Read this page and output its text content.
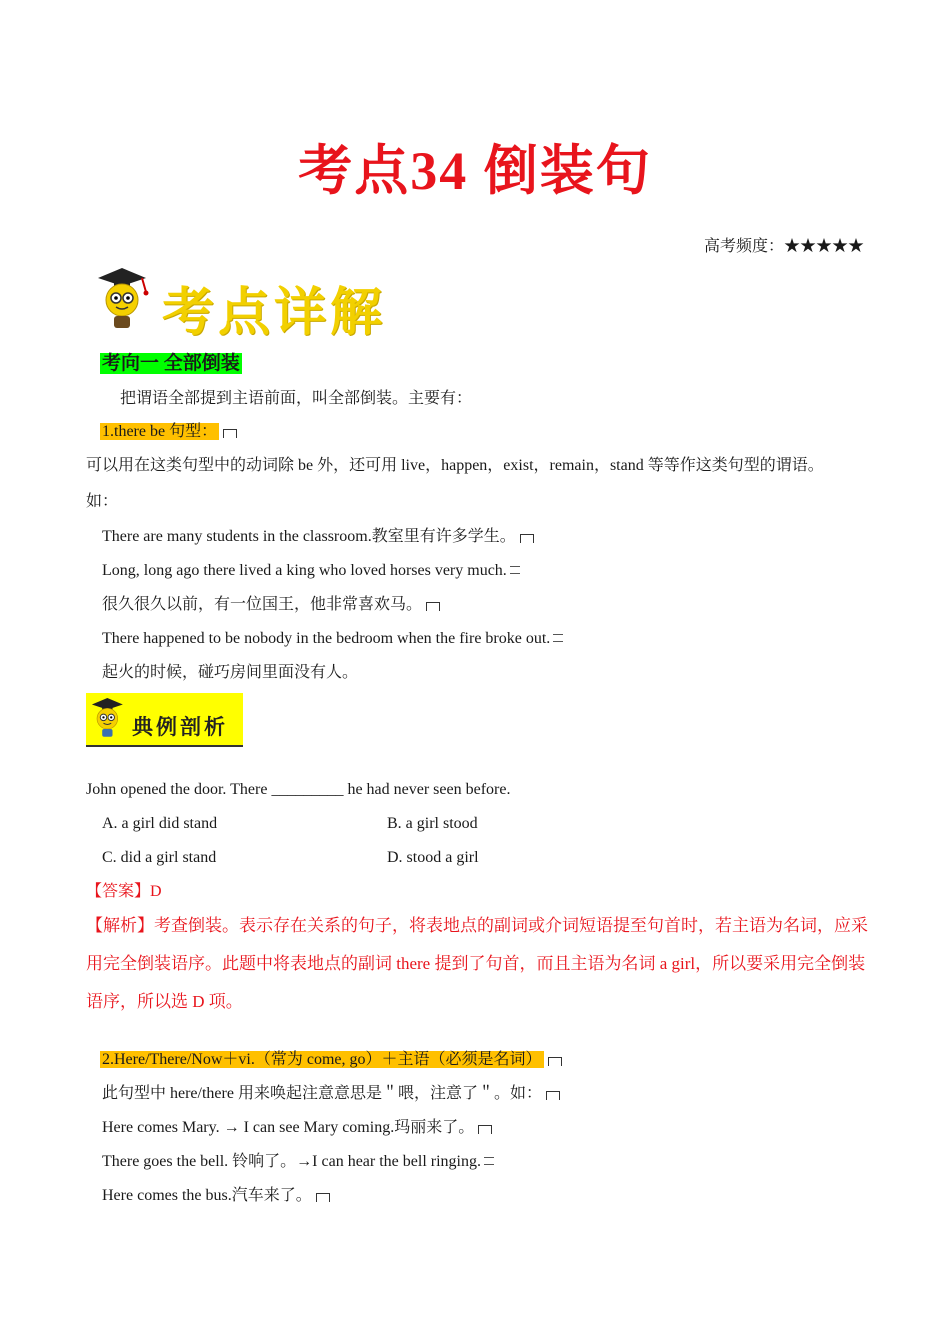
考点34 倒装句
高考频度：★★★★★
考点详解
考向一 全部倒装
把谓语全部提到主语前面，叫全部倒装。主要有：
1.there be 句型：
可以用在这类句型中的动词除 be 外，还可用 live，happen，exist，remain，stand 等等作这类句型的谓语。
如：
There are many students in the classroom.教室里有许多学生。
Long, long ago there lived a king who loved horses very much.
很久很久以前，有一位国王，他非常喜欢马。
There happened to be nobody in the bedroom when the fire broke out.
起火的时候，碰巧房间里面没有人。
典例剖析
John opened the door. There _________ he had never seen before.
A. a girl did stand	B. a girl stood
C. did a girl stand	D. stood a girl
【答案】D
【解析】考查倒装。表示存在关系的句子，将表地点的副词或介词短语提至句首时，若主语为名词，应采用完全倒装语序。此题中将表地点的副词 there 提到了句首，而且主语为名词 a girl，所以要采用完全倒装语序，所以选 D 项。
2.Here/There/Now＋vi.（常为 come, go）＋主语（必须是名词）
此句型中 here/there 用来唤起注意意思是＂喂，注意了＂。如：
Here comes Mary. → I can see Mary coming.玛丽来了。
There goes the bell. 铃响了。→I can hear the bell ringing.
Here comes the bus.汽车来了。
